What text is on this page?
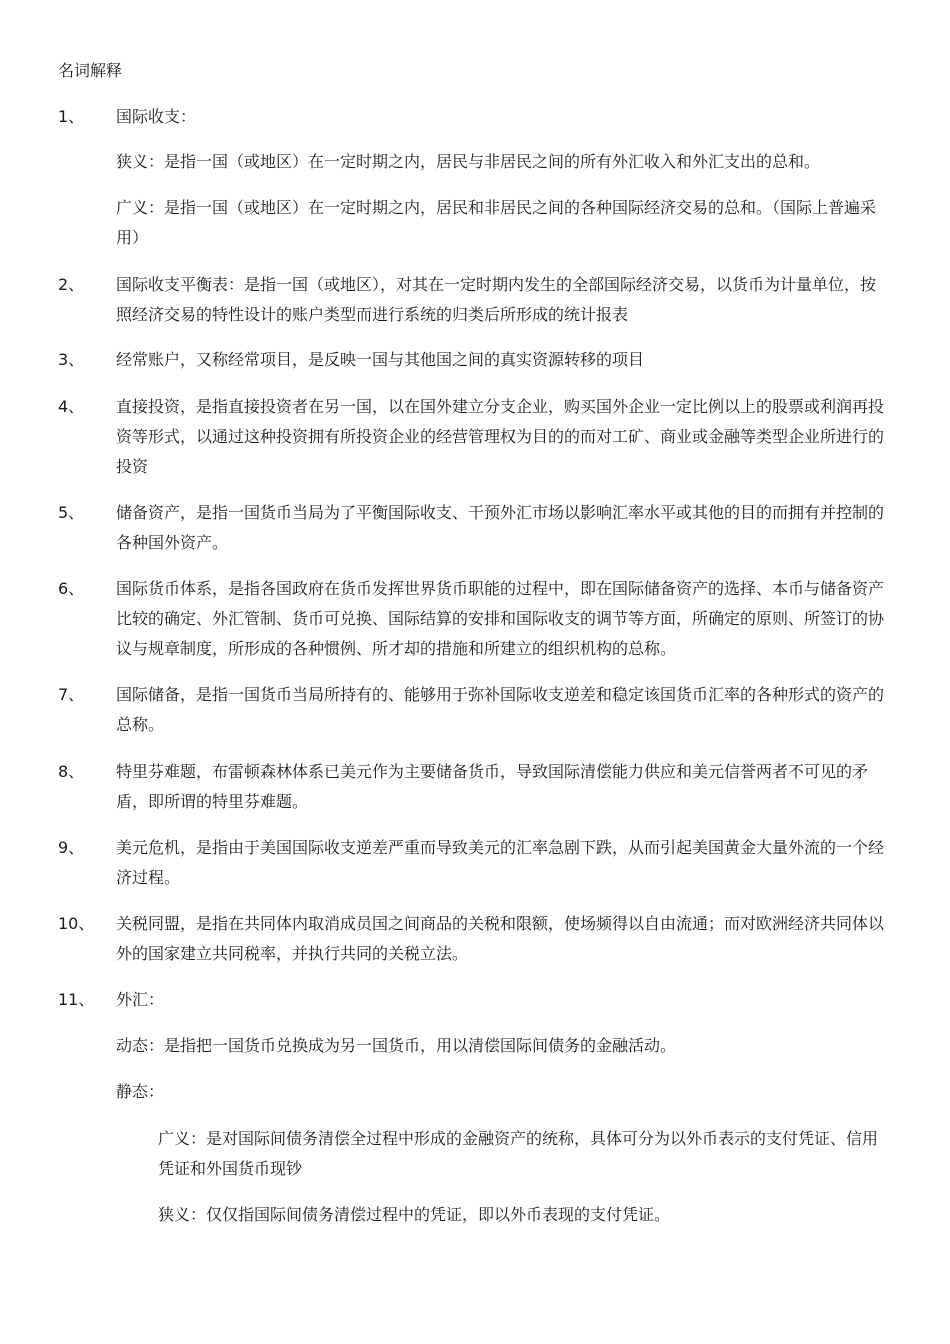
名词解释
1、	国际收支：
狭义：是指一国（或地区）在一定时期之内，居民与非居民之间的所有外汇收入和外汇支出的总和。
广义：是指一国（或地区）在一定时期之内，居民和非居民之间的各种国际经济交易的总和。（国际上普遍采用）
2、	国际收支平衡表：是指一国（或地区），对其在一定时期内发生的全部国际经济交易，以货币为计量单位，按照经济交易的特性设计的账户类型而进行系统的归类后所形成的统计报表
3、	经常账户，又称经常项目，是反映一国与其他国之间的真实资源转移的项目
4、	直接投资，是指直接投资者在另一国，以在国外建立分支企业，购买国外企业一定比例以上的股票或利润再投资等形式，以通过这种投资拥有所投资企业的经营管理权为目的的而对工矿、商业或金融等类型企业所进行的投资
5、	储备资产，是指一国货币当局为了平衡国际收支、干预外汇市场以影响汇率水平或其他的目的而拥有并控制的各种国外资产。
6、	国际货币体系，是指各国政府在货币发挥世界货币职能的过程中，即在国际储备资产的选择、本币与储备资产比较的确定、外汇管制、货币可兑换、国际结算的安排和国际收支的调节等方面，所确定的原则、所签订的协议与规章制度，所形成的各种惯例、所才却的措施和所建立的组织机构的总称。
7、	国际储备，是指一国货币当局所持有的、能够用于弥补国际收支逆差和稳定该国货币汇率的各种形式的资产的总称。
8、	特里芬难题，布雷顿森林体系已美元作为主要储备货币，导致国际清偿能力供应和美元信誉两者不可见的矛盾，即所谓的特里芬难题。
9、	美元危机，是指由于美国国际收支逆差严重而导致美元的汇率急剧下跌，从而引起美国黄金大量外流的一个经济过程。
10、	关税同盟，是指在共同体内取消成员国之间商品的关税和限额，使场频得以自由流通；而对欧洲经济共同体以外的国家建立共同税率，并执行共同的关税立法。
11、	外汇：
动态：是指把一国货币兑换成为另一国货币，用以清偿国际间债务的金融活动。
静态：
广义：是对国际间债务清偿全过程中形成的金融资产的统称，具体可分为以外币表示的支付凭证、信用凭证和外国货币现钞
狭义：仅仅指国际间债务清偿过程中的凭证，即以外币表现的支付凭证。
